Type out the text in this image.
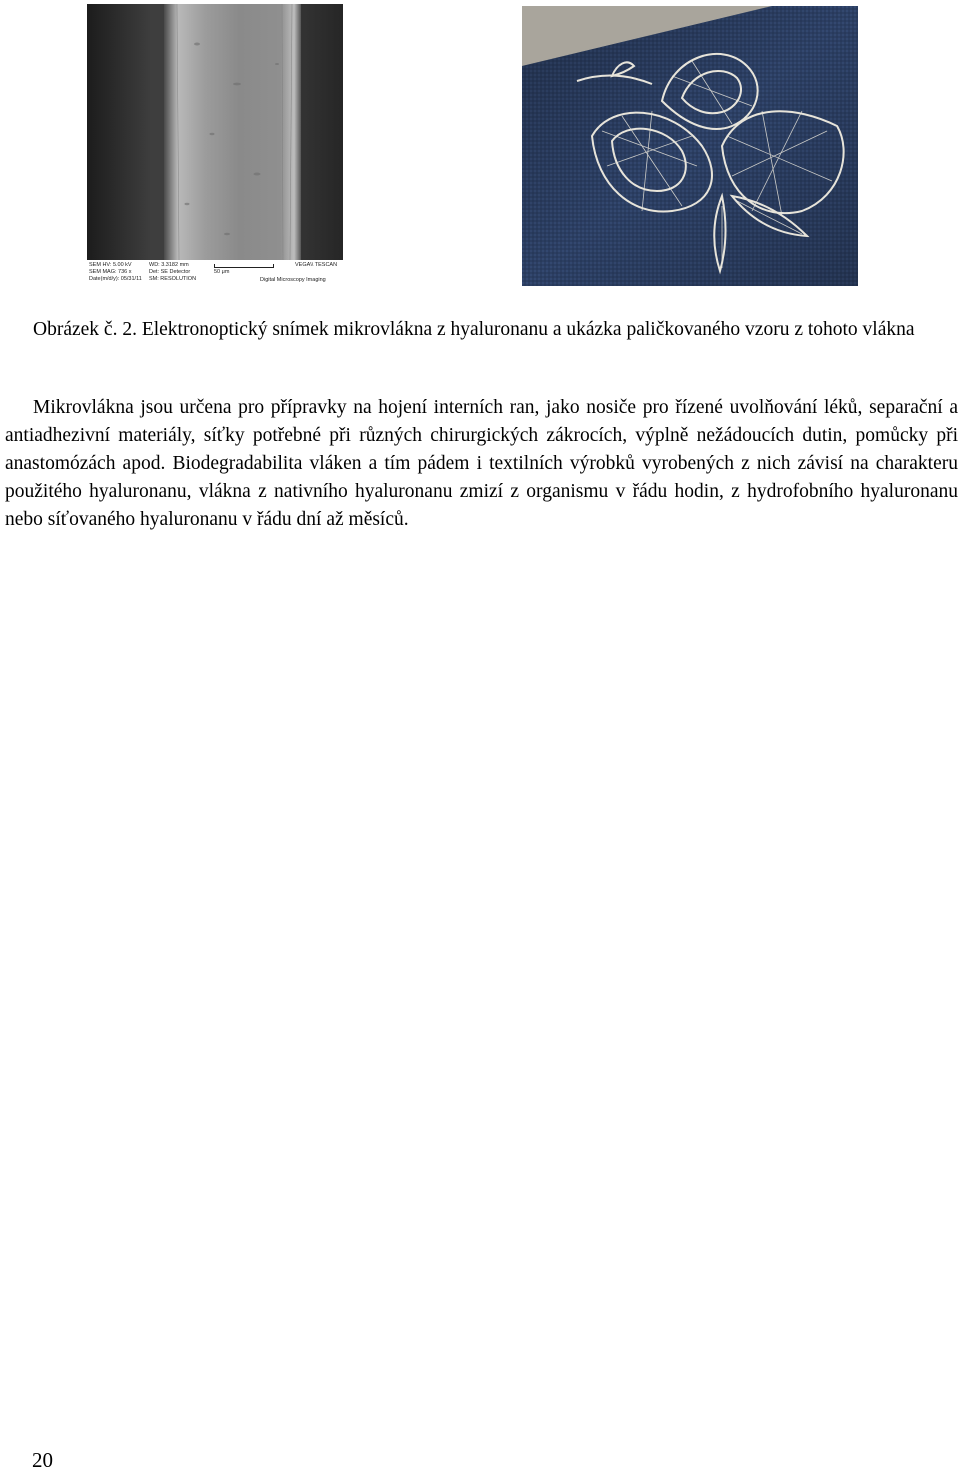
SEM HV: 5.00 kV
SEM MAG: 736 x
Date(m/d/y): 05/31/11
WD: 3.3182 mm
Det: SE Detector
SM: RESOLUTION
50 μm
VEGA\\ TESCAN
Digital Microscopy Imaging
Obrázek č. 2. Elektronoptický snímek mikrovlákna z hyaluronanu a ukázka paličkovaného vzoru z tohoto vlákna

Mikrovlákna jsou určena pro přípravky na hojení interních ran, jako nosiče pro řízené uvolňování léků, separační a antiadhezivní materiály, síťky potřebné při různých chirurgických zákrocích, výplně nežádoucích dutin, pomůcky při anastomózách apod. Biodegradabilita vláken a tím pádem i textilních výrobků vyrobených z nich závisí na charakteru použitého hyaluronanu, vlákna z nativního hyaluronanu zmizí z organismu v řádu hodin, z hydrofobního hyaluronanu nebo síťovaného hyaluronanu v řádu dní až měsíců.

20
